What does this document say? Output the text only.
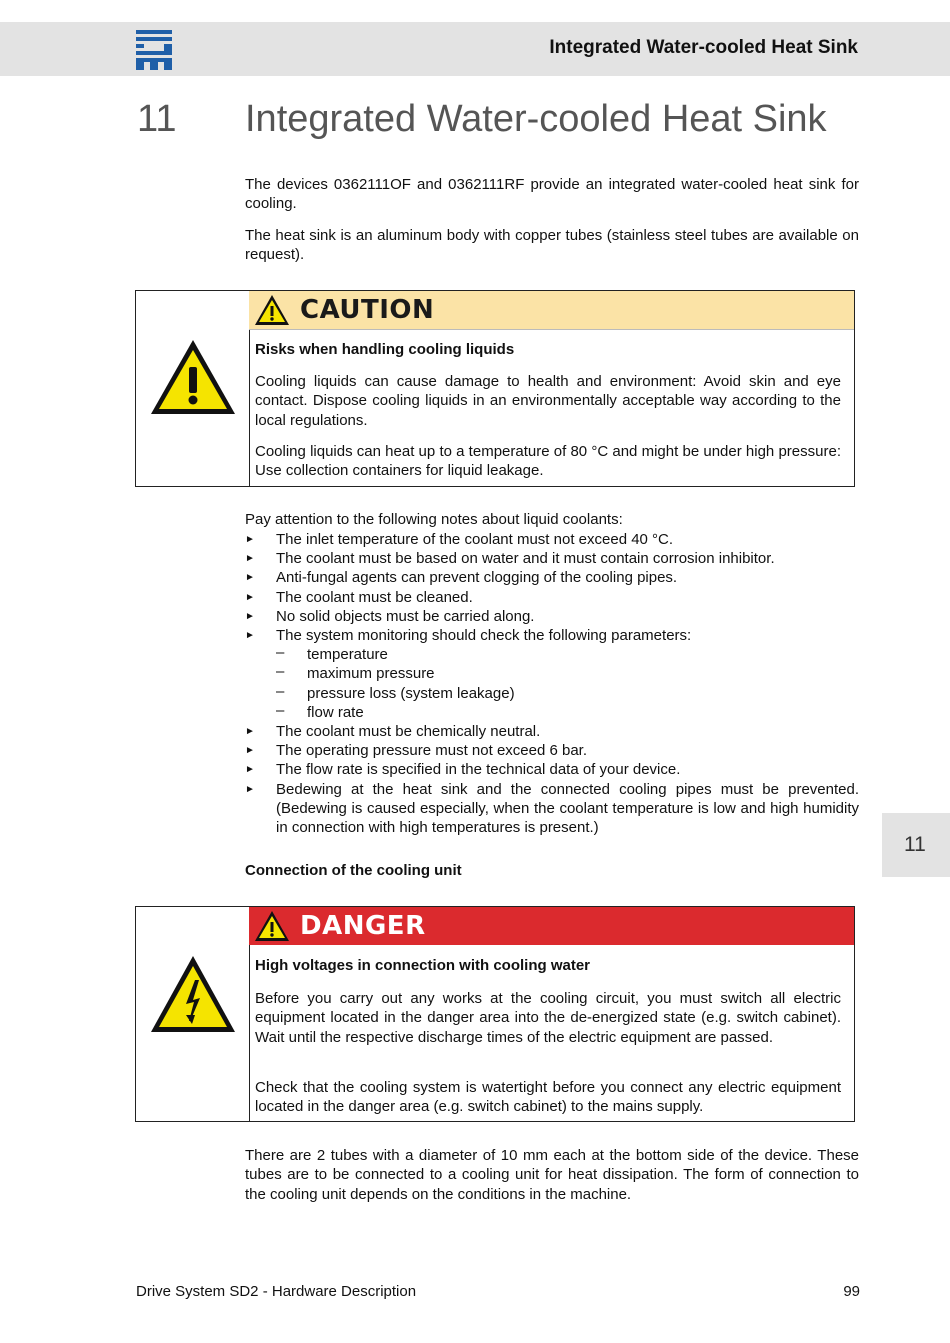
Integrated Water-cooled Heat Sink
11 Integrated Water-cooled Heat Sink

The devices 0362111OF and 0362111RF provide an integrated water-cooled heat sink for cooling.

The heat sink is an aluminum body with copper tubes (stainless steel tubes are available on request).

CAUTION

Risks when handling cooling liquids

Cooling liquids can cause damage to health and environment: Avoid skin and eye contact. Dispose cooling liquids in an environmentally acceptable way according to the local regulations.

Cooling liquids can heat up to a temperature of 80 °C and might be under high pressure: Use collection containers for liquid leakage.

Pay attention to the following notes about liquid coolants:
► The inlet temperature of the coolant must not exceed 40 °C.
► The coolant must be based on water and it must contain corrosion inhibitor.
► Anti-fungal agents can prevent clogging of the cooling pipes.
► The coolant must be cleaned.
► No solid objects must be carried along.
► The system monitoring should check the following parameters:
– temperature
– maximum pressure
– pressure loss (system leakage)
– flow rate
► The coolant must be chemically neutral.
► The operating pressure must not exceed 6 bar.
► The flow rate is specified in the technical data of your device.
► Bedewing at the heat sink and the connected cooling pipes must be prevented. (Bedewing is caused especially, when the coolant temperature is low and high humidity in connection with high temperatures is present.)
Connection of the cooling unit
DANGER

High voltages in connection with cooling water

Before you carry out any works at the cooling circuit, you must switch all electric equipment located in the danger area into the de-energized state (e.g. switch cabinet). Wait until the respective discharge times of the electric equipment are passed.

Check that the cooling system is watertight before you connect any electric equipment located in the danger area (e.g. switch cabinet) to the mains supply.

There are 2 tubes with a diameter of 10 mm each at the bottom side of the device. These tubes are to be connected to a cooling unit for heat dissipation. The form of connection to the cooling unit depends on the conditions in the machine.

11
Drive System SD2 - Hardware Description	99
